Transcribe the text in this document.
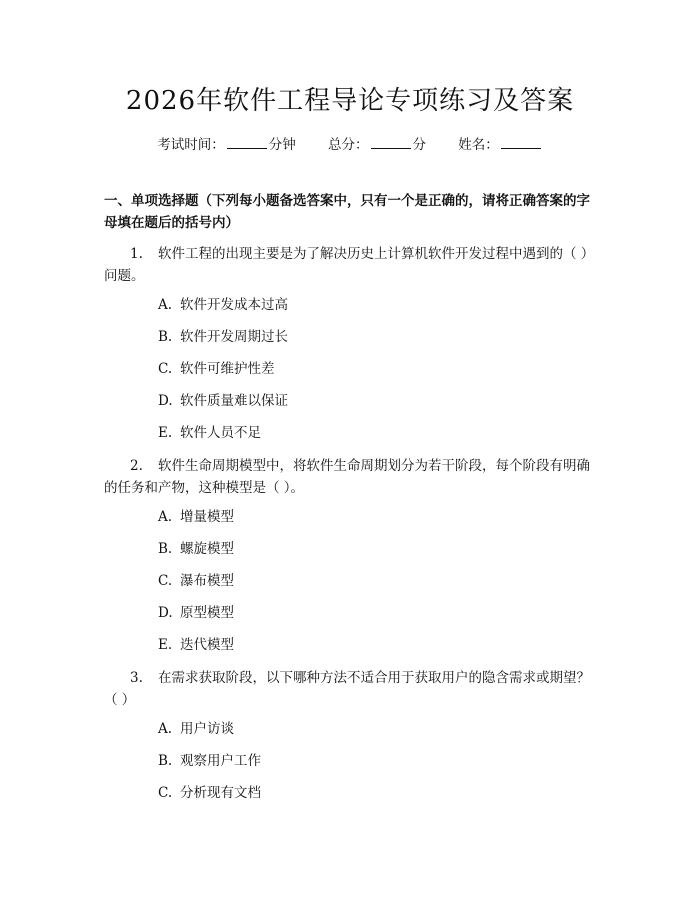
2026年软件工程导论专项练习及答案
考试时间：	分钟 总分：	分 姓名：
一、单项选择题（下列每小题备选答案中，只有一个是正确的，请将正确答案的字母填在题后的括号内）
1. 软件工程的出现主要是为了解决历史上计算机软件开发过程中遇到的（ ）问题。
A. 软件开发成本过高
B. 软件开发周期过长
C. 软件可维护性差
D. 软件质量难以保证
E. 软件人员不足
2. 软件生命周期模型中，将软件生命周期划分为若干阶段，每个阶段有明确的任务和产物，这种模型是（ ）。
A. 增量模型
B. 螺旋模型
C. 瀑布模型
D. 原型模型
E. 迭代模型
3. 在需求获取阶段，以下哪种方法不适合用于获取用户的隐含需求或期望？（ ）
A. 用户访谈
B. 观察用户工作
C. 分析现有文档
